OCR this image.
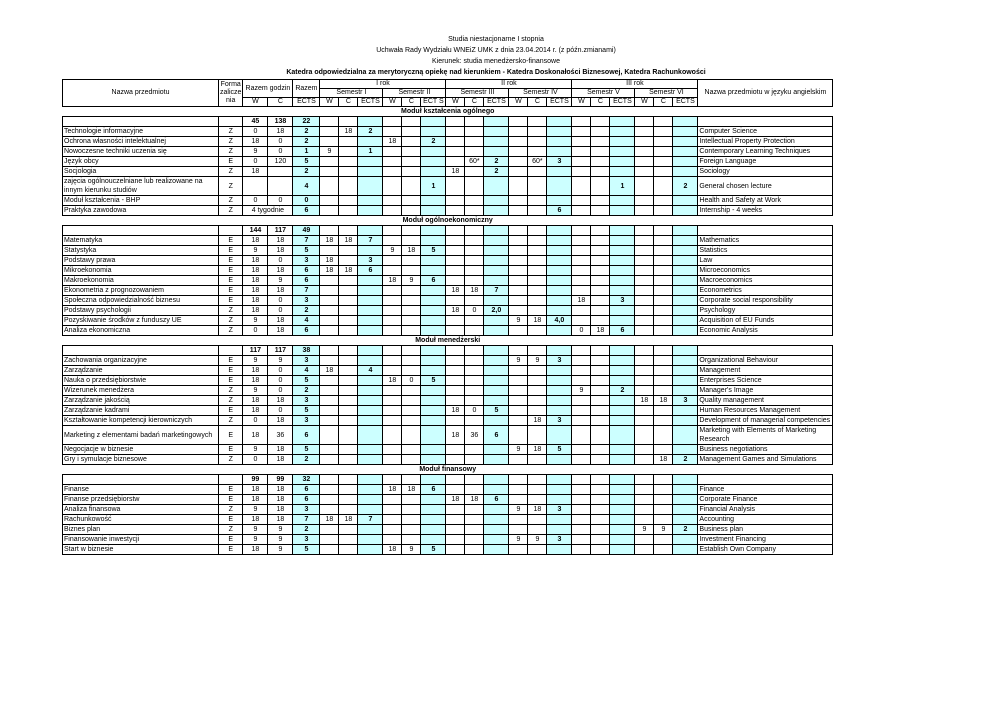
Studia niestacjonarne I stopnia
Uchwała Rady Wydziału WNEiZ UMK z dnia 23.04.2014 r. (z późn.zmianami)
Kierunek: studia menedżersko-finansowe
Katedra odpowiedzialna za merytoryczną opiekę nad kierunkiem - Katedra Doskonałości Biznesowej, Katedra Rachunkowości
Nazwa przedmiotu	Forma zalicze nia	Razem godzin		Razem	I rok						II rok						III rok						Nazwa przedmiotu w języku angielskim
					Semestr I			Semestr II			Semestr III			Semestr IV			Semestr V			Semestr VI			
		W	Ć	ECTS	W	Ć	ECTS	W	Ć	ECT S	W	Ć	ECTS	W	Ć	ECTS	W	Ć	ECTS	W	Ć	ECTS	
Moduł kształcenia ogólnego																							
		45	138	22																			
Technologie informacyjne	Z	0	18	2		18	2																Computer Science
Ochrona własności intelektualnej	Z	18	0	2				18		2													Intellectual Property Protection
Nowoczesne techniki uczenia się	Z	9	0	1	9		1																Contemporary Learning Techniques
Język obcy	E	0	120	5								60*	2		60*	3							Foreign Language
Socjologia	Z	18		2							18		2										Sociology
zajęcia ogólnouczelniane lub realizowane na innym kierunku studiów	Z			4						1									1			2	General chosen lecture
Moduł kształcenia - BHP	Z	0	0	0																			Health and Safety at Work
Praktyka zawodowa	Z	4 tygodnie		6												6							Internship - 4 weeks
Moduł ogólnoekonomiczny																							
		144	117	49																			
Matematyka	E	18	18	7	18	18	7																Mathematics
Statystyka	E	9	18	5				9	18	5													Statistics
Podstawy prawa	E	18	0	3	18		3																Law
Mikroekonomia	E	18	18	6	18	18	6																Microeconomics
Makroekonomia	E	18	9	6				18	9	6													Macroeconomics
Ekonometria z prognozowaniem	E	18	18	7							18	18	7										Econometrics
Społeczna odpowiedzialność biznesu	E	18	0	3													18		3				Corporate social responsibility
Podstawy psychologii	Z	18	0	2							18	0	2,0										Psychology
Pozyskiwanie środków z funduszy UE	Z	9	18	4										9	18	4,0							Acquisition of EU Funds
Analiza ekonomiczna	Z	0	18	6													0	18	6				Economic Analysis
Moduł menedżerski																							
		117	117	38																			
Zachowania organizacyjne	E	9	9	3										9	9	3							Organizational Behaviour
Zarządzanie	E	18	0	4	18		4																Management
Nauka o przedsiębiorstwie	E	18	0	5				18	0	5													Enterprises Science
Wizerunek menedżera	Z	9	0	2													9		2				Manager's Image
Zarządzanie jakością	Z	18	18	3																18	18	3	Quality management
Zarządzanie kadrami	E	18	0	5							18	0	5										Human Resources Management
Kształtowanie kompetencji kierowniczych	Z	0	18	3											18	3							Development of managerial competencies
Marketing z elementami badań marketingowych	E	18	36	6							18	36	6										Marketing with Elements of Marketing Research
Negocjacje w biznesie	E	9	18	5										9	18	5							Business negotiations
Gry i symulacje biznesowe	Z	0	18	2																	18	2	Management Games and Simulations
Moduł finansowy																							
		99	99	32																			
Finanse	E	18	18	6				18	18	6													Finance
Finanse przedsiębiorstw	E	18	18	6							18	18	6										Corporate Finance
Analiza finansowa	Z	9	18	3										9	18	3							Financial Analysis
Rachunkowość	E	18	18	7	18	18	7																Accounting
Biznes plan	Z	9	9	2																9	9	2	Business plan
Finansowanie inwestycji	E	9	9	3										9	9	3							Investment Financing
Start w biznesie	E	18	9	5				18	9	5													Establish Own Company
